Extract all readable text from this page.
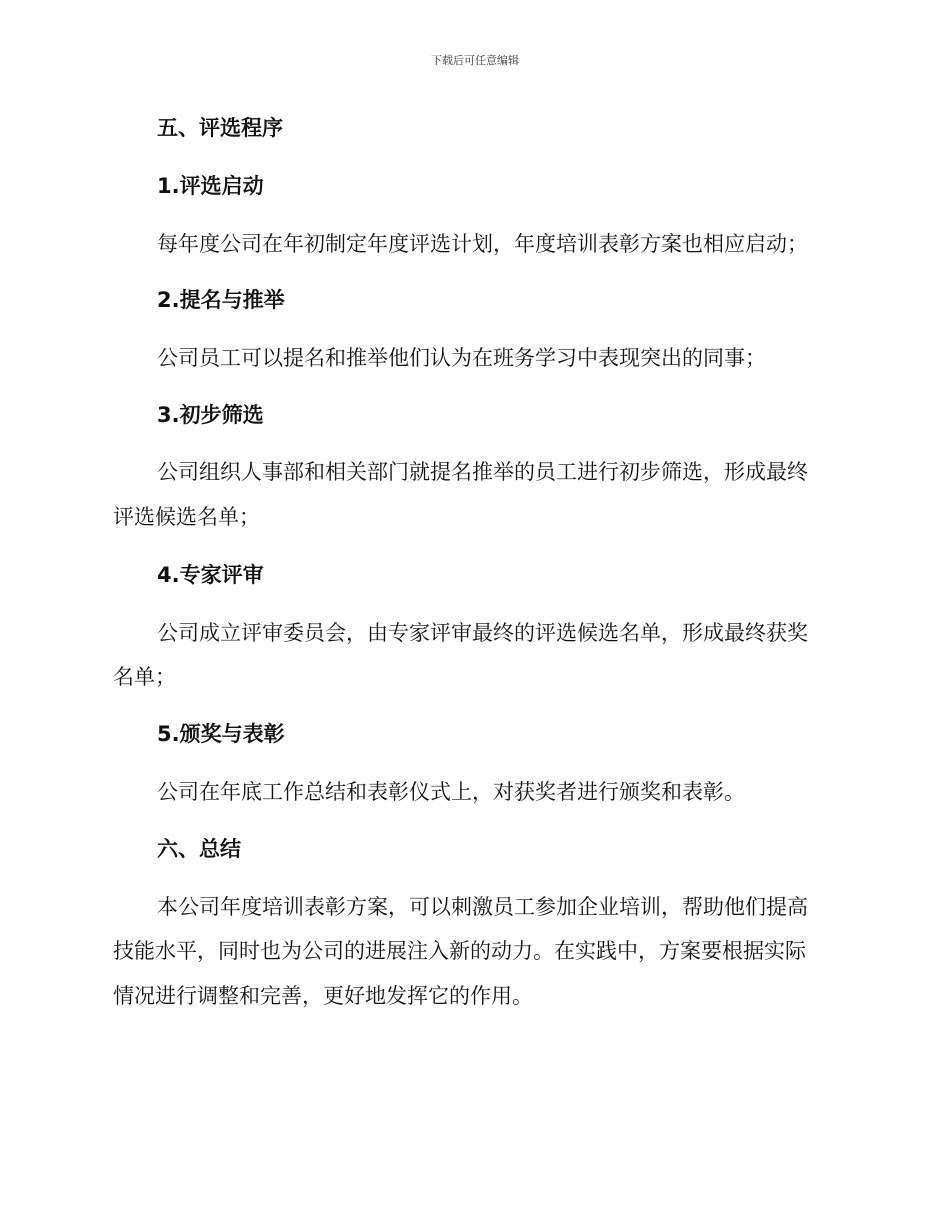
下载后可任意编辑
五、评选程序
1.评选启动
每年度公司在年初制定年度评选计划，年度培训表彰方案也相应启动；
2.提名与推举
公司员工可以提名和推举他们认为在班务学习中表现突出的同事；
3.初步筛选
公司组织人事部和相关部门就提名推举的员工进行初步筛选，形成最终
评选候选名单；
4.专家评审
公司成立评审委员会，由专家评审最终的评选候选名单，形成最终获奖
名单；
5.颁奖与表彰
公司在年底工作总结和表彰仪式上，对获奖者进行颁奖和表彰。
六、总结
本公司年度培训表彰方案，可以刺激员工参加企业培训，帮助他们提高
技能水平，同时也为公司的进展注入新的动力。在实践中，方案要根据实际
情况进行调整和完善，更好地发挥它的作用。
